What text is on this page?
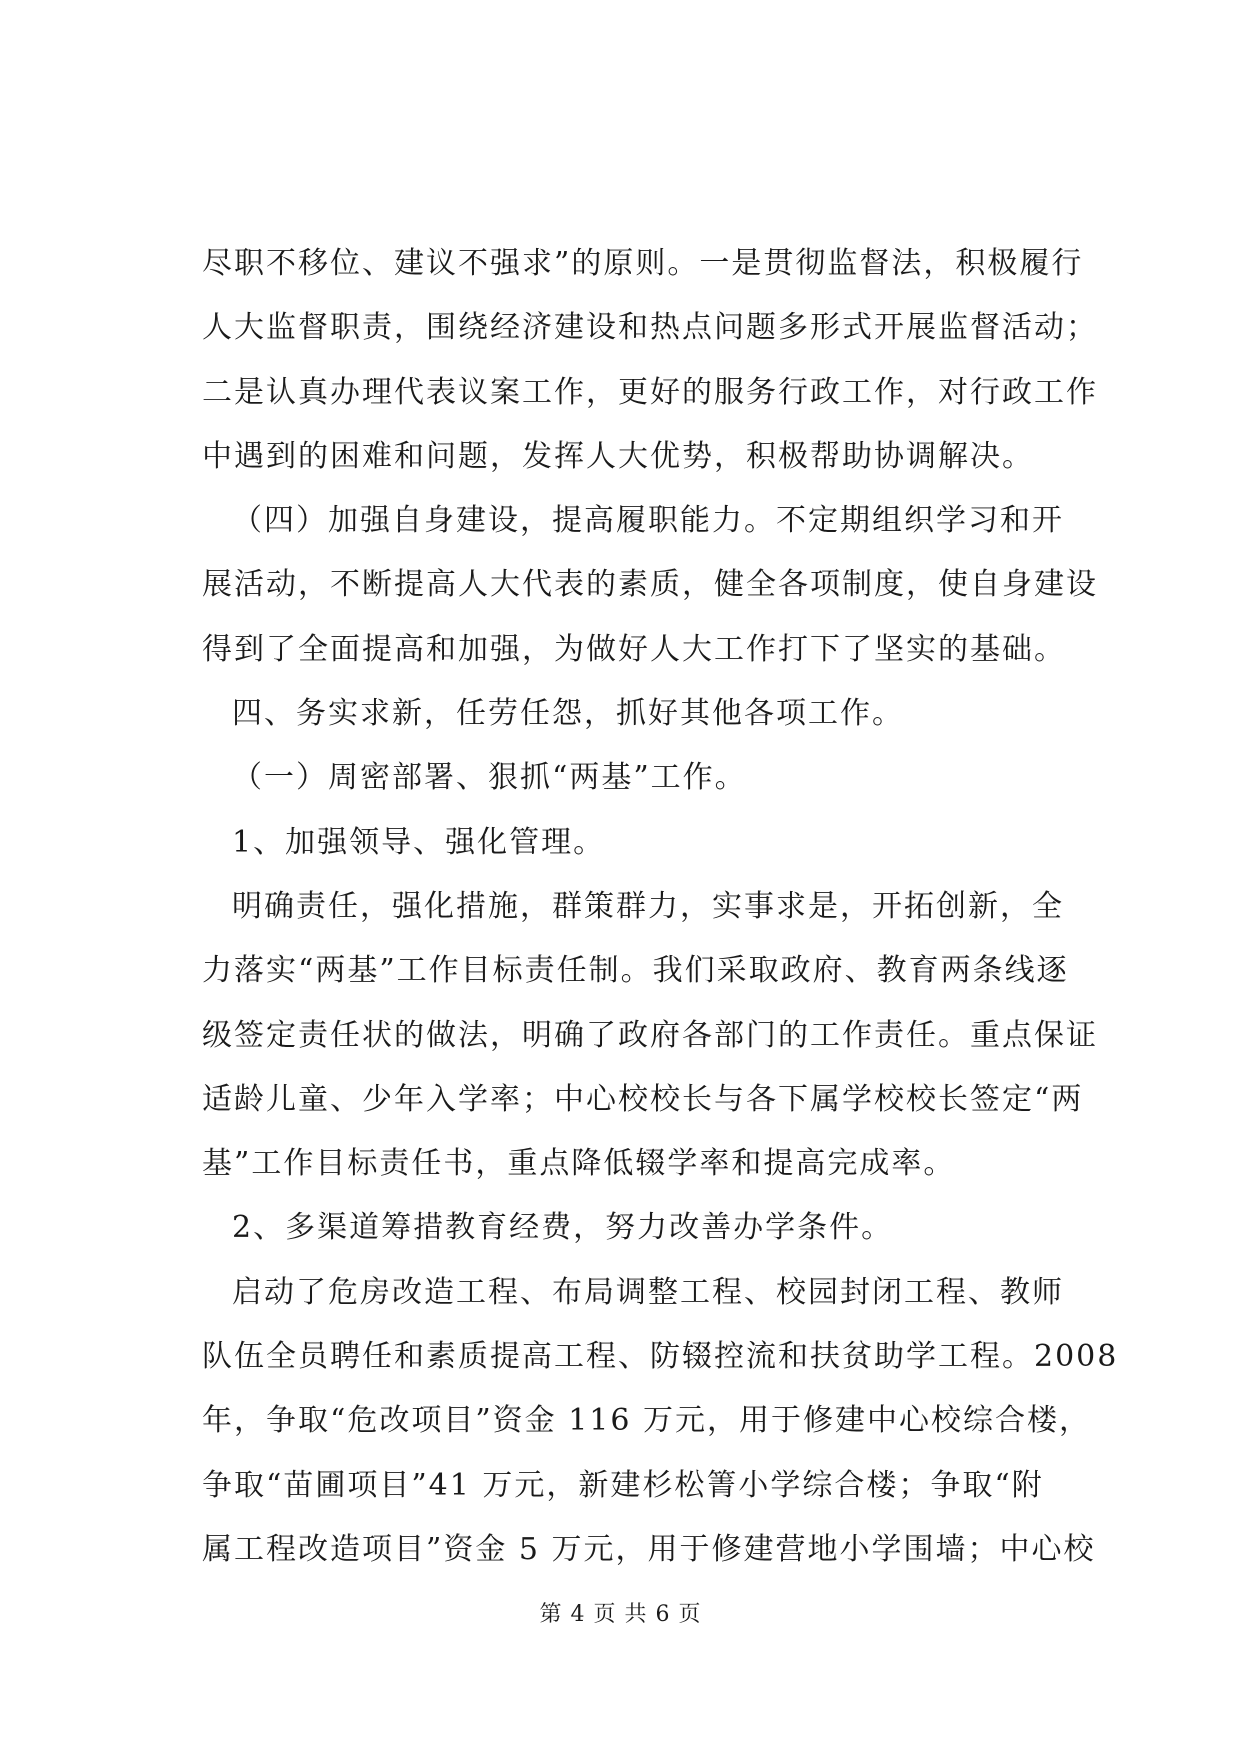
尽职不移位、建议不强求”的原则。一是贯彻监督法，积极履行
人大监督职责，围绕经济建设和热点问题多形式开展监督活动；
二是认真办理代表议案工作，更好的服务行政工作，对行政工作
中遇到的困难和问题，发挥人大优势，积极帮助协调解决。
（四）加强自身建设，提高履职能力。不定期组织学习和开
展活动，不断提高人大代表的素质，健全各项制度，使自身建设
得到了全面提高和加强，为做好人大工作打下了坚实的基础。
四、务实求新，任劳任怨，抓好其他各项工作。
（一）周密部署、狠抓“两基”工作。
1、加强领导、强化管理。
明确责任，强化措施，群策群力，实事求是，开拓创新，全
力落实“两基”工作目标责任制。我们采取政府、教育两条线逐
级签定责任状的做法，明确了政府各部门的工作责任。重点保证
适龄儿童、少年入学率；中心校校长与各下属学校校长签定“两
基”工作目标责任书，重点降低辍学率和提高完成率。
2、多渠道筹措教育经费，努力改善办学条件。
启动了危房改造工程、布局调整工程、校园封闭工程、教师
队伍全员聘任和素质提高工程、防辍控流和扶贫助学工程。2008
年，争取“危改项目”资金 116 万元，用于修建中心校综合楼，
争取“苗圃项目”41 万元，新建杉松箐小学综合楼；争取“附
属工程改造项目”资金 5 万元，用于修建营地小学围墙；中心校
第 4 页 共 6 页
